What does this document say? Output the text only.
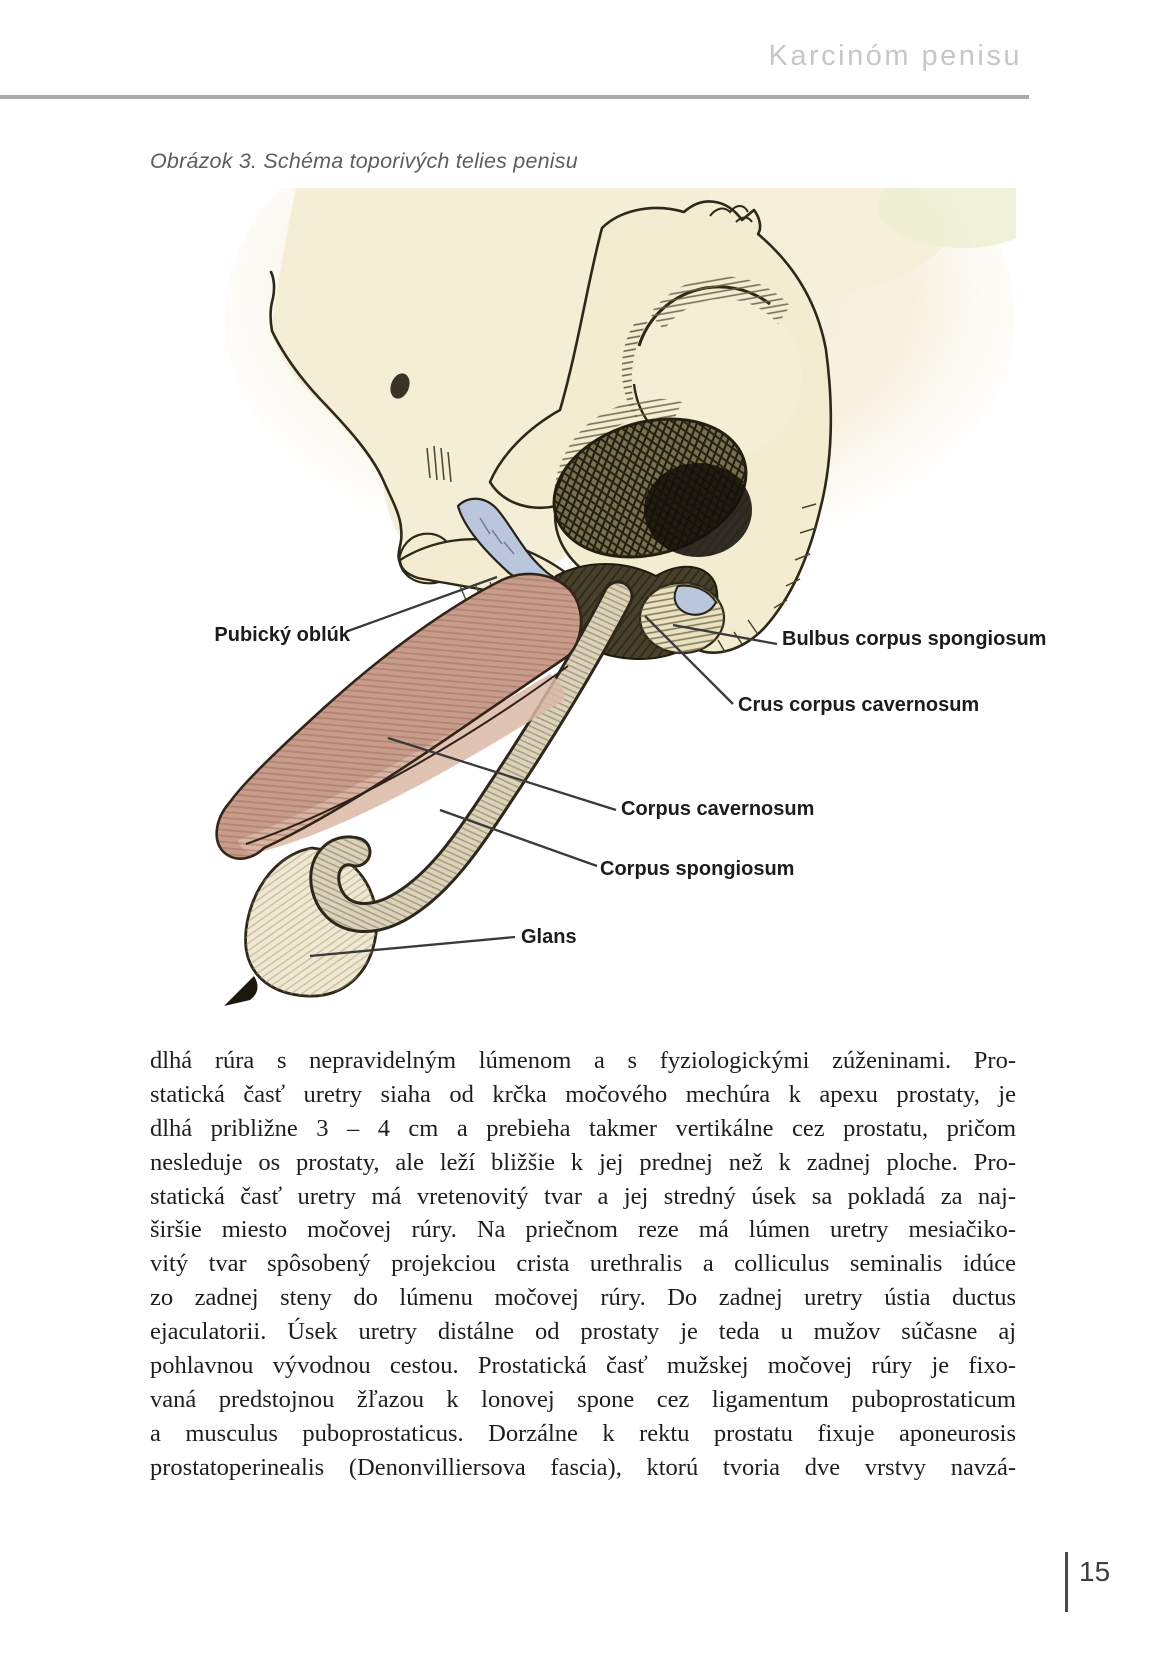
Karcinóm penisu
Obrázok 3. Schéma toporivých telies penisu
Pubický oblúk	Bulbus corpus spongiosum
Crus corpus cavernosum
Corpus cavernosum
Corpus spongiosum
Glans
dlhá rúra s nepravidelným lúmenom a s fyziologickými zúženinami. Pro-
statická časť uretry siaha od krčka močového mechúra k apexu prostaty, je
dlhá približne 3 – 4 cm a prebieha takmer vertikálne cez prostatu, pričom
nesleduje os prostaty, ale leží bližšie k jej prednej než k zadnej ploche. Pro-
statická časť uretry má vretenovitý tvar a jej stredný úsek sa pokladá za naj-
širšie miesto močovej rúry. Na priečnom reze má lúmen uretry mesiačiko-
vitý tvar spôsobený projekciou crista urethralis a colliculus seminalis idúce
zo zadnej steny do lúmenu močovej rúry. Do zadnej uretry ústia ductus
ejaculatorii. Úsek uretry distálne od prostaty je teda u mužov súčasne aj
pohlavnou vývodnou cestou. Prostatická časť mužskej močovej rúry je fixo-
vaná predstojnou žľazou k lonovej spone cez ligamentum puboprostaticum
a musculus puboprostaticus. Dorzálne k rektu prostatu fixuje aponeurosis
prostatoperinealis (Denonvilliersova fascia), ktorú tvoria dve vrstvy navzá-
15
